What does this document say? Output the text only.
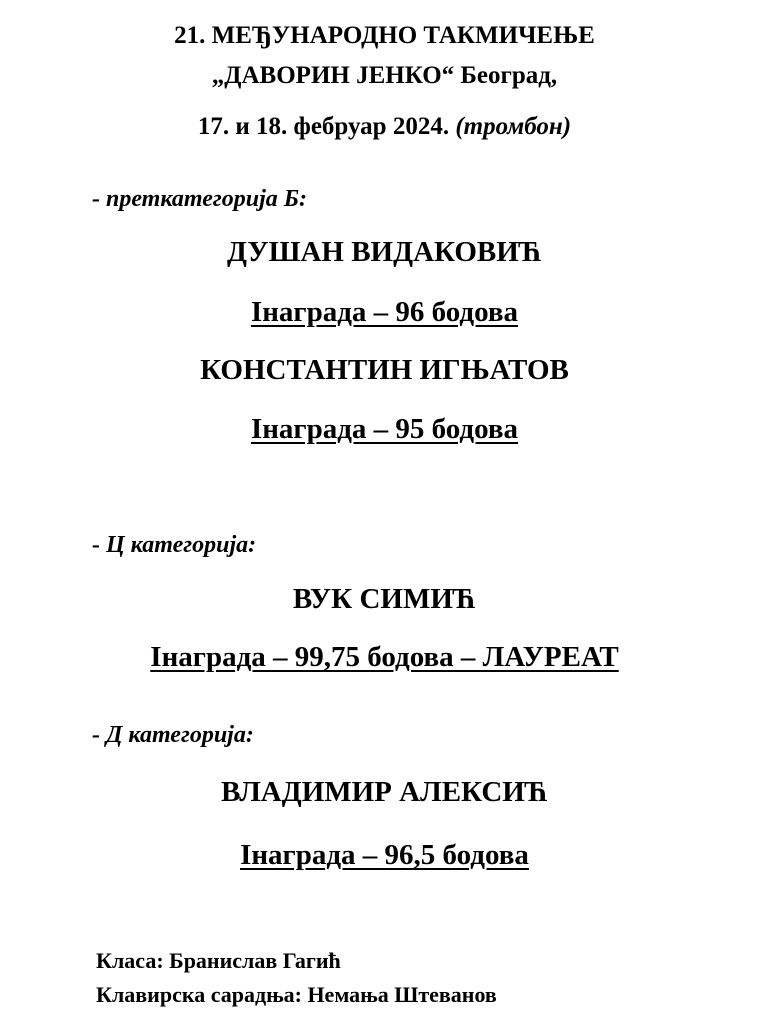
21. МЕЂУНАРОДНО ТАКМИЧЕЊЕ
„ДАВОРИН ЈЕНКО“ Београд,
17. и 18. фебруар 2024. (тромбон)
- преткатегорија Б:
ДУШАН ВИДАКОВИЋ
Iнаграда – 96 бодова
КОНСТАНТИН ИГЊАТОВ
Iнаграда – 95 бодова
- Ц категорија:
ВУК СИМИЋ
Iнаграда – 99,75 бодова – ЛАУРЕАТ
- Д категорија:
ВЛАДИМИР АЛЕКСИЋ
Iнаграда – 96,5 бодова
Класа: Бранислав Гагић
Клавирска сарадња: Немања Штеванов
